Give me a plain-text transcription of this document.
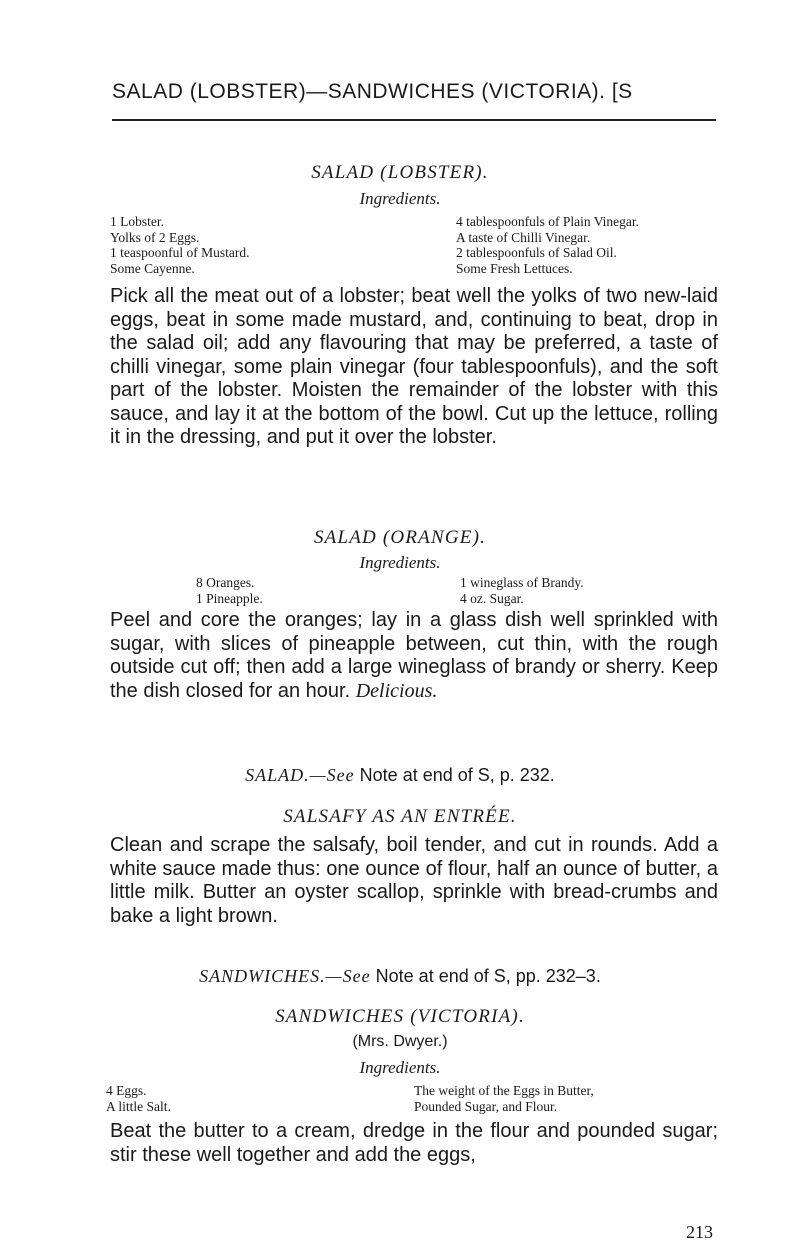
SALAD (LOBSTER)—SANDWICHES (VICTORIA). [S
SALAD (LOBSTER).
Ingredients.
1 Lobster.
Yolks of 2 Eggs.
1 teaspoonful of Mustard.
Some Cayenne.
4 tablespoonfuls of Plain Vinegar.
A taste of Chilli Vinegar.
2 tablespoonfuls of Salad Oil.
Some Fresh Lettuces.

Pick all the meat out of a lobster; beat well the yolks of two new-laid eggs, beat in some made mustard, and, continuing to beat, drop in the salad oil; add any flavouring that may be preferred, a taste of chilli vinegar, some plain vinegar (four tablespoonfuls), and the soft part of the lobster. Moisten the remainder of the lobster with this sauce, and lay it at the bottom of the bowl. Cut up the lettuce, rolling it in the dressing, and put it over the lobster.

SALAD (ORANGE).
Ingredients.
8 Oranges.
1 Pineapple.
1 wineglass of Brandy.
4 oz. Sugar.

Peel and core the oranges; lay in a glass dish well sprinkled with sugar, with slices of pineapple between, cut thin, with the rough outside cut off; then add a large wineglass of brandy or sherry. Keep the dish closed for an hour. Delicious.

SALAD.—See Note at end of S, p. 232.
SALSAFY AS AN ENTRÉE.

Clean and scrape the salsafy, boil tender, and cut in rounds. Add a white sauce made thus: one ounce of flour, half an ounce of butter, a little milk. Butter an oyster scallop, sprinkle with bread-crumbs and bake a light brown.

SANDWICHES.—See Note at end of S, pp. 232–3.
SANDWICHES (VICTORIA).
(Mrs. Dwyer.)
Ingredients.
4 Eggs.
A little Salt.
The weight of the Eggs in Butter,
Pounded Sugar, and Flour.

Beat the butter to a cream, dredge in the flour and pounded sugar; stir these well together and add the eggs,

213
